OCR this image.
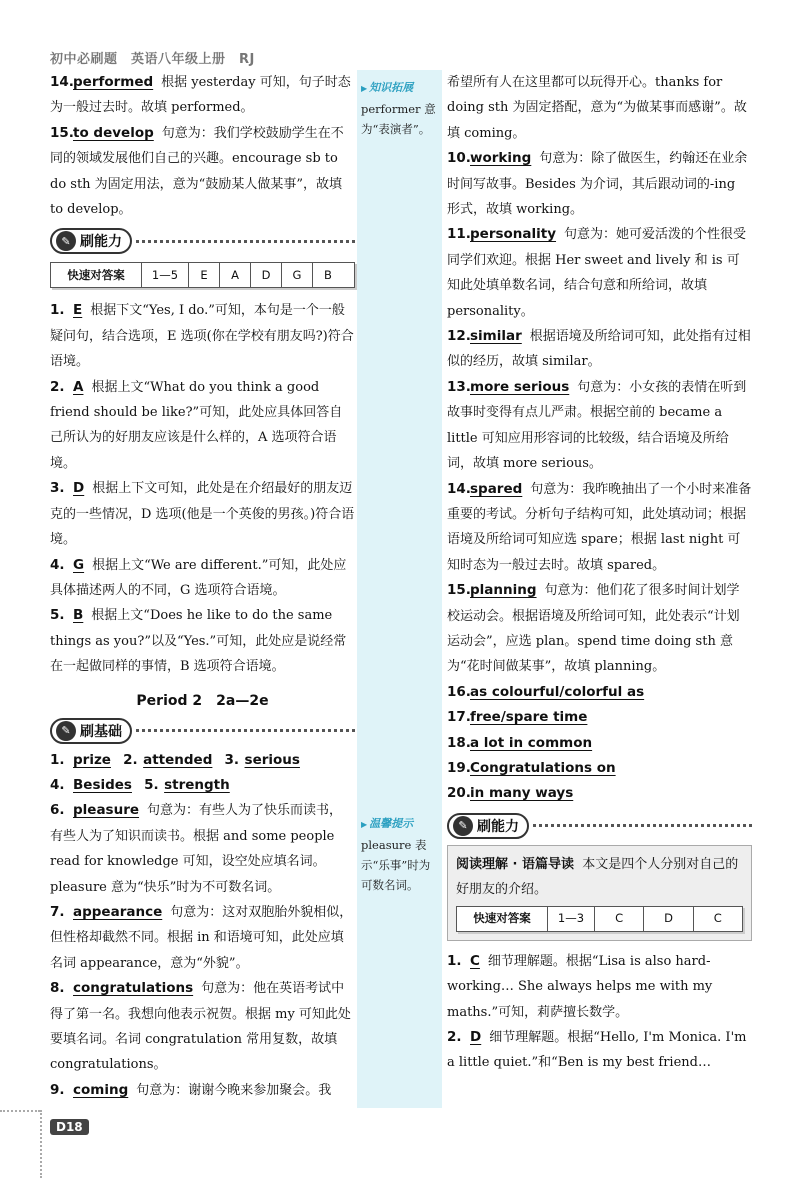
初中必刷题　英语八年级上册　RJ
▶ 知识拓展
performer 意为“表演者”。
▶ 温馨提示
pleasure 表示“乐事”时为可数名词。

14.performed 根据 yesterday 可知，句子时态为一般过去时。故填 performed。

15.to develop 句意为：我们学校鼓励学生在不同的领域发展他们自己的兴趣。encourage sb to do sth 为固定用法，意为“鼓励某人做某事”，故填 to develop。

✎ 刷能力
快速对答案	1—5	E	A	D	G	B

1. E 根据下文“Yes, I do.”可知，本句是一个一般疑问句，结合选项，E 选项(你在学校有朋友吗?)符合语境。

2. A 根据上文“What do you think a good friend should be like?”可知，此处应具体回答自己所认为的好朋友应该是什么样的，A 选项符合语境。

3. D 根据上下文可知，此处是在介绍最好的朋友迈克的一些情况，D 选项(他是一个英俊的男孩。)符合语境。

4. G 根据上文“We are different.”可知，此处应具体描述两人的不同，G 选项符合语境。

5. B 根据上文“Does he like to do the same things as you?”以及“Yes.”可知，此处应是说经常在一起做同样的事情，B 选项符合语境。

Period 2　2a—2e
✎ 刷基础

1. prize 2. attended 3. serious

4. Besides 5. strength

6. pleasure 句意为：有些人为了快乐而读书，有些人为了知识而读书。根据 and some people read for knowledge 可知，设空处应填名词。pleasure 意为“快乐”时为不可数名词。

7. appearance 句意为：这对双胞胎外貌相似，但性格却截然不同。根据 in 和语境可知，此处应填名词 appearance，意为“外貌”。

8. congratulations 句意为：他在英语考试中得了第一名。我想向他表示祝贺。根据 my 可知此处要填名词。名词 congratulation 常用复数，故填 congratulations。

9. coming 句意为：谢谢今晚来参加聚会。我

希望所有人在这里都可以玩得开心。thanks for doing sth 为固定搭配，意为“为做某事而感谢”。故填 coming。

10.working 句意为：除了做医生，约翰还在业余时间写故事。Besides 为介词，其后跟动词的-ing 形式，故填 working。

11.personality 句意为：她可爱活泼的个性很受同学们欢迎。根据 Her sweet and lively 和 is 可知此处填单数名词，结合句意和所给词，故填 personality。

12.similar 根据语境及所给词可知，此处指有过相似的经历，故填 similar。

13.more serious 句意为：小女孩的表情在听到故事时变得有点儿严肃。根据空前的 became a little 可知应用形容词的比较级，结合语境及所给词，故填 more serious。

14.spared 句意为：我昨晚抽出了一个小时来准备重要的考试。分析句子结构可知，此处填动词；根据语境及所给词可知应选 spare；根据 last night 可知时态为一般过去时。故填 spared。

15.planning 句意为：他们花了很多时间计划学校运动会。根据语境及所给词可知，此处表示“计划运动会”，应选 plan。spend time doing sth 意为“花时间做某事”，故填 planning。

16.as colourful/colorful as

17.free/spare time

18.a lot in common

19.Congratulations on

20.in many ways

✎ 刷能力
阅读理解 · 语篇导读 本文是四个人分别对自己的好朋友的介绍。
快速对答案	1—3	C	D	C

1. C 细节理解题。根据“Lisa is also hard-working… She always helps me with my maths.”可知，莉萨擅长数学。

2. D 细节理解题。根据“Hello, I'm Monica. I'm a little quiet.”和“Ben is my best friend…

D18
